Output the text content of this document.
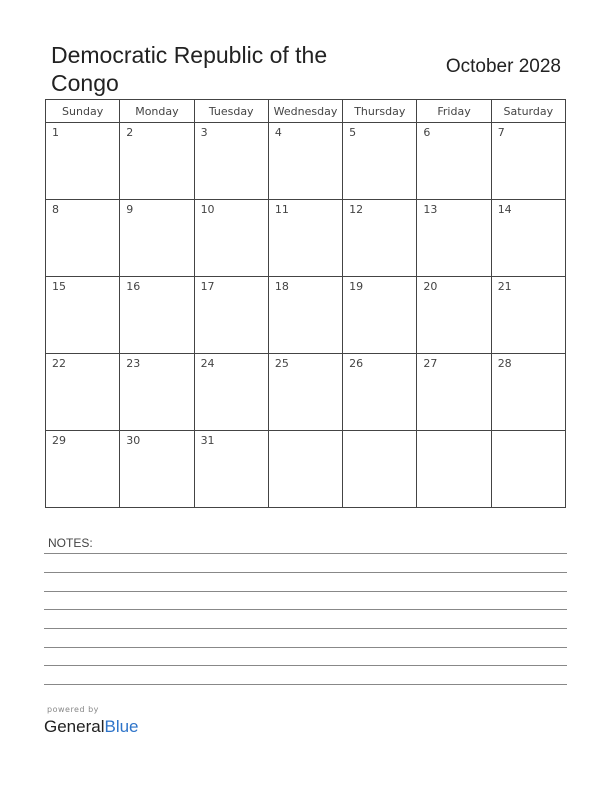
Democratic Republic of the Congo
October 2028
Sunday	Monday	Tuesday	Wednesday	Thursday	Friday	Saturday

1	2	3	4	5	6	7

8	9	10	11	12	13	14

15	16	17	18	19	20	21

22	23	24	25	26	27	28

29	30	31				

NOTES:
powered by
GeneralBlue
